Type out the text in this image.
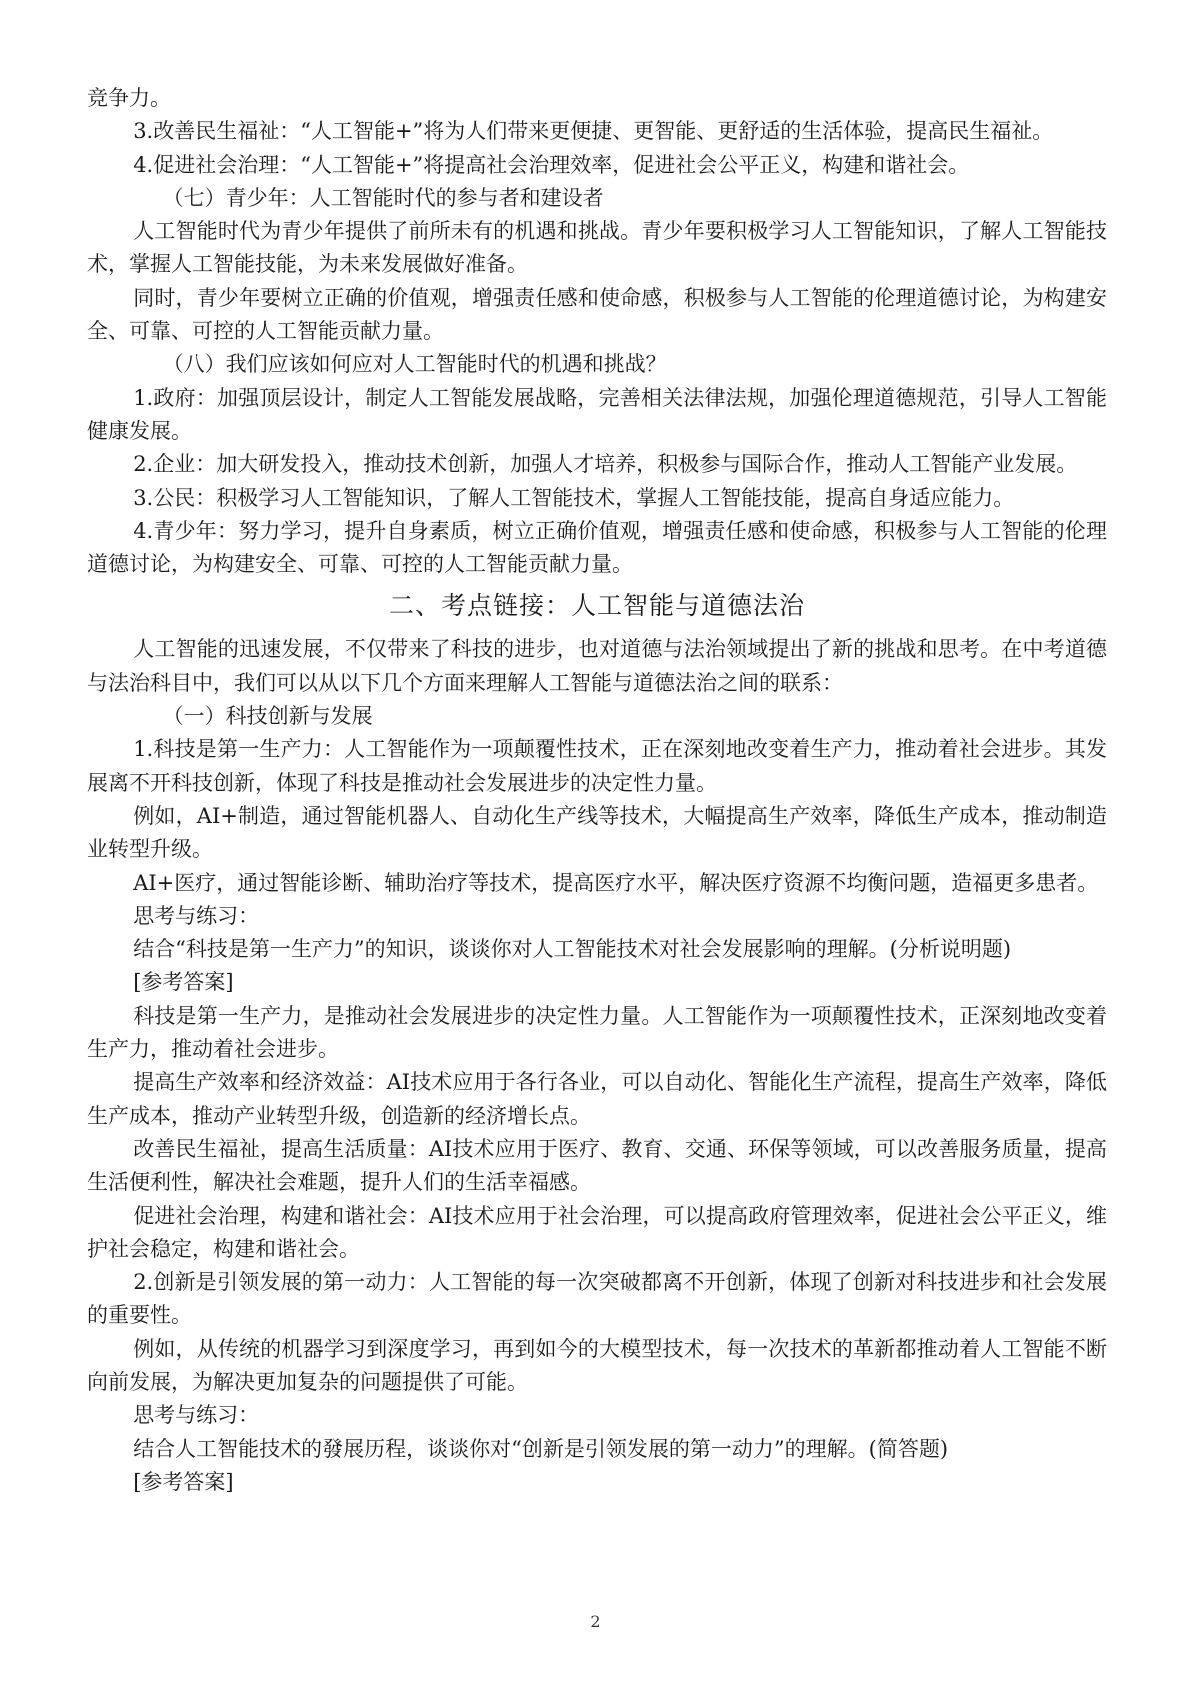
竞争力。

3.改善民生福祉：“人工智能+”将为人们带来更便捷、更智能、更舒适的生活体验，提高民生福祉。

4.促进社会治理：“人工智能+”将提高社会治理效率，促进社会公平正义，构建和谐社会。

（七）青少年：人工智能时代的参与者和建设者

人工智能时代为青少年提供了前所未有的机遇和挑战。青少年要积极学习人工智能知识，了解人工智能技术，掌握人工智能技能，为未来发展做好准备。

同时，青少年要树立正确的价值观，增强责任感和使命感，积极参与人工智能的伦理道德讨论，为构建安全、可靠、可控的人工智能贡献力量。

（八）我们应该如何应对人工智能时代的机遇和挑战？

1.政府：加强顶层设计，制定人工智能发展战略，完善相关法律法规，加强伦理道德规范，引导人工智能健康发展。

2.企业：加大研发投入，推动技术创新，加强人才培养，积极参与国际合作，推动人工智能产业发展。

3.公民：积极学习人工智能知识，了解人工智能技术，掌握人工智能技能，提高自身适应能力。

4.青少年：努力学习，提升自身素质，树立正确价值观，增强责任感和使命感，积极参与人工智能的伦理道德讨论，为构建安全、可靠、可控的人工智能贡献力量。

二、考点链接：人工智能与道德法治

人工智能的迅速发展，不仅带来了科技的进步，也对道德与法治领域提出了新的挑战和思考。在中考道德与法治科目中，我们可以从以下几个方面来理解人工智能与道德法治之间的联系：

（一）科技创新与发展

1.科技是第一生产力：人工智能作为一项颠覆性技术，正在深刻地改变着生产力，推动着社会进步。其发展离不开科技创新，体现了科技是推动社会发展进步的决定性力量。

例如，AI+制造，通过智能机器人、自动化生产线等技术，大幅提高生产效率，降低生产成本，推动制造业转型升级。

AI+医疗，通过智能诊断、辅助治疗等技术，提高医疗水平，解决医疗资源不均衡问题，造福更多患者。

思考与练习：

结合“科技是第一生产力”的知识，谈谈你对人工智能技术对社会发展影响的理解。(分析说明题)

[参考答案]

科技是第一生产力，是推动社会发展进步的决定性力量。人工智能作为一项颠覆性技术，正深刻地改变着生产力，推动着社会进步。

提高生产效率和经济效益：AI技术应用于各行各业，可以自动化、智能化生产流程，提高生产效率，降低生产成本，推动产业转型升级，创造新的经济增长点。

改善民生福祉，提高生活质量：AI技术应用于医疗、教育、交通、环保等领域，可以改善服务质量，提高生活便利性，解决社会难题，提升人们的生活幸福感。

促进社会治理，构建和谐社会：AI技术应用于社会治理，可以提高政府管理效率，促进社会公平正义，维护社会稳定，构建和谐社会。

2.创新是引领发展的第一动力：人工智能的每一次突破都离不开创新，体现了创新对科技进步和社会发展的重要性。

例如，从传统的机器学习到深度学习，再到如今的大模型技术，每一次技术的革新都推动着人工智能不断向前发展，为解决更加复杂的问题提供了可能。

思考与练习：

结合人工智能技术的發展历程，谈谈你对“创新是引领发展的第一动力”的理解。(简答题)

[参考答案]

2
